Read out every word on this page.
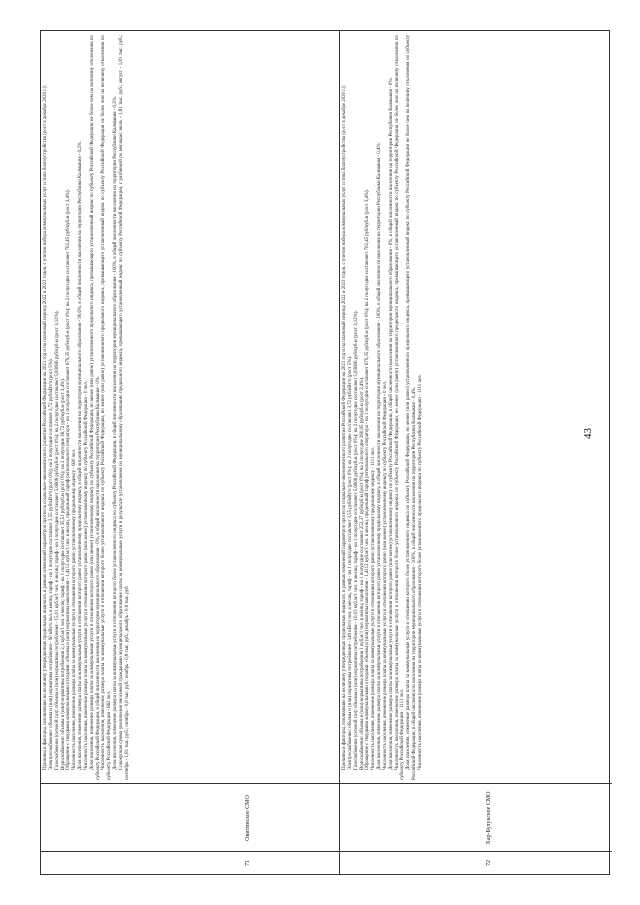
71
Овитинское СМО

Причины и факторы, повлиявшие на величину утвержденных предельных индексов, в рамках изменений параметров прогноза социально-экономического развития Российской Федерации на 2021 год и на плановый период 2022 и 2023 годов, с учетом набора коммунальных услуг и типа благоустройства (рост в декабре 2020 г.): Электроснабжение: объемы и (или) нормативы потребления - 90 кВт/ч чел. в месяц, тариф - на 1 полугодие составляет 3,55 руб/кВт/ч (рост 0%); на 2 полугодие составляет 3,72 руб/кВт/ч (рост 5%). Газоснабжение (сетевой газ): объемы и (или) нормативы потребления - 15,01 куб.м/1 чел. в месяц; тариф - на 1 полугодие составляет 5,6606 руб/куб.м (рост 0%); на 2 полугодие составляет 5,83696 руб/куб.м (рост 3,12%). Водоснабжение: объемы и (или) нормативы потребления 2,1 куб.м/1 чел. в месяц; тариф - на 1 полугодие составляет 35,51 руб/куб.м (рост 0%); на 2 полугодие 36,72 руб/куб.м (рост 3,4%). Обращение с твердыми коммунальными отходами: объемы и (или) нормативы накопления - 1,4112 куб.м/1 чел. в месяц, предельный тариф регионального оператора - на 1 полугодие составляет 679,35 руб/куб.м (рост 0%); на 2 полугодие составляет 702,45 руб/куб.м (рост 3,4%). Численность населения, изменение размера платы за коммунальные услуги в отношении которого равно установленному предельному индексу - 600 чел. Доля населения, изменение размера платы за коммунальные услуги в отношении которого равно установленному предельному индексу, в общей численности населения на территории муниципального образования - 90,6%, в общей численности населения на территории Республики Калмыкия - 0,2%. Численность населения, изменение размера платы за коммунальные услуги в отношении которого равно (или менее) установленному индексу по субъекту Российской Федерации - 0 чел. Доля населения, изменение размера платы за коммунальные услуги в отношении которого равно (или менее) установленному индексу по субъекту Российской Федерации, но менее (или равно) установленного предельного индекса, превышающего установленный индекс по субъекту Российской Федерации не более чем на величину отклонения по субъекту Российской Федерации, в общей численности населения на территории муниципального образования - 0%, в общей численности населения на территории Республики Калмыкия - 0%. Численность населения, изменение размера платы за коммунальные услуги в отношении которого более установленного индекса по субъекту Российской Федерации, но менее (или равно) установленного предельного индекса, превышающего установленный индекс по субъекту Российской Федерации не более чем на величину отклонения по субъекту Российской Федерации - 662 чел. Доля населения, изменение размера платы за коммунальные услуги в отношении которого более установленного индекса по субъекту Российской Федерации, в общей численности населения на территории муниципального образования - 100%, в общей численности населения на территории Республики Калмыкия - 0,2%. Совокупная сумма увеличения вносимой гражданами муниципального образования платы за коммунальные услуги в результате установления по муниципальному образованию предельного индекса, превышающего установленный индекс по субъекту Российской Федерации, с разбивкой по месяцам: июль - 1,81 тыс. руб.; август - 1,81 тыс. руб.; сентябрь - 1,81 тыс. руб.; октябрь - 0,8 тыс. руб.; ноябрь - 0,8 тыс. руб.; декабрь - 0,8 тыс. руб.

72
Хар-Булукское СМО

Причины и факторы, повлиявшие на величину утвержденных предельных индексов, в рамках изменений параметров прогноза социально-экономического развития Российской Федерации на 2021 год и на плановый период 2022 и 2023 годов, с учетом набора коммунальных услуг и типа благоустройства (рост в декабре 2020 г.): Электроснабжение: объемы и (или) нормативы потребления - 149 кВт/ч чел. в месяц, тариф - на 1 полугодие составляет 3,55 руб/кВт/ч (рост 0%); на 2 полугодие составляет 3,72 руб/кВт/ч (рост 5%). Газоснабжение (сетевой газ): объемы и (или) нормативы потребления - 10,03 куб.м/1 чел. в месяц; тариф - на 1 полугодие составляет 5,6606 руб/куб.м (рост 0%); на 2 полугодие составляет 5,83696 руб/куб.м (рост 3,12%). Водоснабжение: объемы и (или) нормативы потребления 1 куб.м/1 чел. в месяц; тариф - на 1 полугодие составляет 252,37 руб/куб.м (рост 0%); на 2 полугодие 260,95 руб/куб.м (рост 3,4%). Обращение с твердыми коммунальными отходами: объемы и (или) нормативы накопления - 1,4112 куб.м/1 чел. в месяц, предельный тариф регионального оператора - на 1 полугодие составляет 679,35 руб/куб.м (рост 0%); на 2 полугодие составляет 702,45 руб/куб.м (рост 3,4%). Численность населения, изменение размера платы за коммунальные услуги в отношении которого равно установленному предельному индексу - 1111 чел. Доля населения, изменение размера платы за коммунальные услуги в отношении которого равно установленному предельному индексу, в общей численности населения на территории муниципального образования - 100%, в общей численности населения на территории Республики Калмыкия - 0,4%. Численность населения, изменение размера платы за коммунальные услуги в отношении которого равно (или менее) установленному индексу по субъекту Российской Федерации - 0 чел. Доля населения, изменение размера платы за коммунальные услуги в отношении которого равно (или менее) установленному индексу по субъекту Российской Федерации, в общей численности населения на территории муниципального образования - 0%, в общей численности населения на территории Республики Калмыкия - 0%. Численность населения, изменение размера платы за коммунальные услуги в отношении которого более установленного индекса по субъекту Российской Федерации, но менее (или равно) установленного предельного индекса, превышающего установленный индекс по субъекту Российской Федерации не более чем на величину отклонения по субъекту Российской Федерации - 1111 чел. Доля населения, изменение размера платы за коммунальные услуги в отношении которого более установленного индекса по субъекту Российской Федерации, но менее (или равно) установленного предельного индекса, превышающего установленный индекс по субъекту Российской Федерации не более чем на величину отклонения по субъекту Российской Федерации, в общей численности населения на территории муниципального образования - 100%, в общей численности населения на территории Республики Калмыкия - 0,4%. Численность населения, изменение размера платы за коммунальные услуги в отношении которого более установленного предельного индекса по субъекту Российской Федерации - 1111 чел.	43
